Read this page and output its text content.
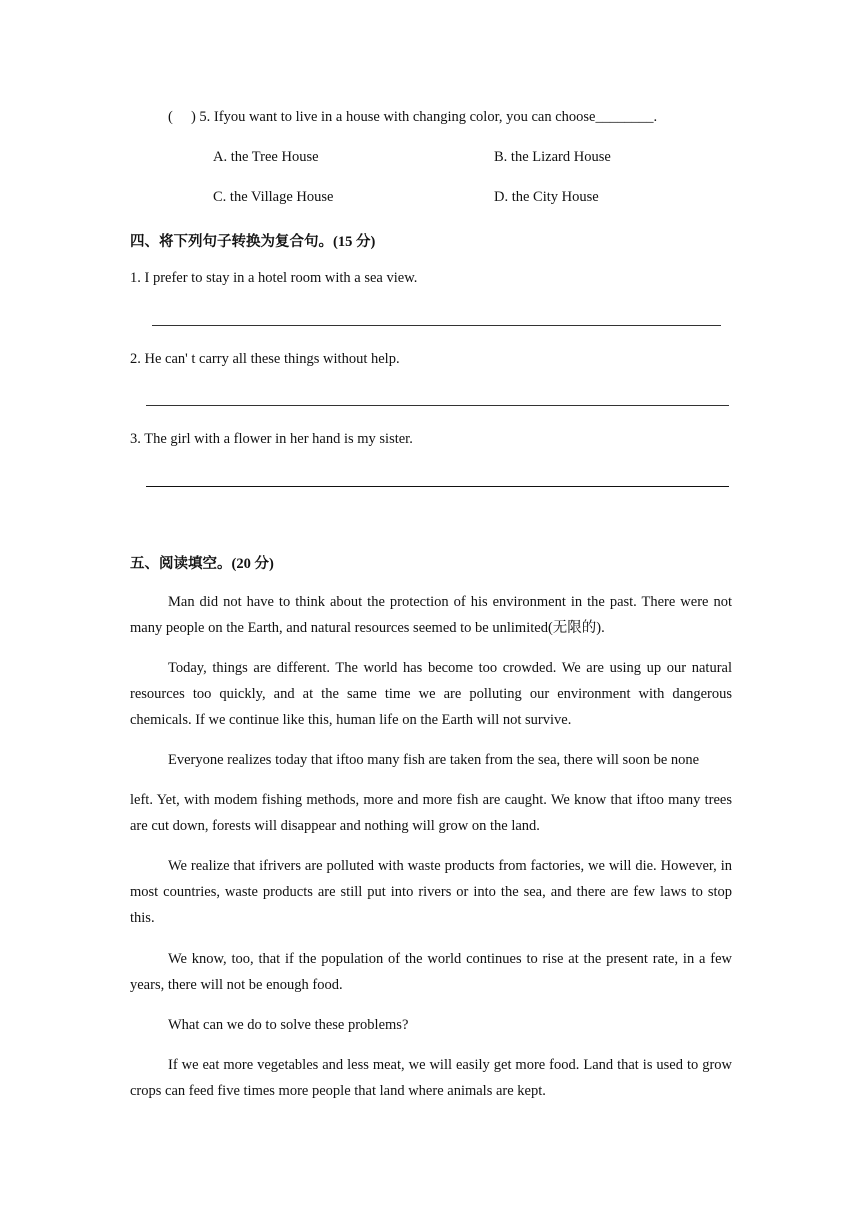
(     ) 5. Ifyou want to live in a house with changing color, you can choose________.
A. the Tree House	B. the Lizard House
C. the Village House	D. the City House
四、将下列句子转换为复合句。(15 分)
1. I prefer to stay in a hotel room with a sea view.
2. He can' t carry all these things without help.
3. The girl with a flower in her hand is my sister.
五、阅读填空。(20 分)
Man did not have to think about the protection of his environment in the past. There were not many people on the Earth, and natural resources seemed to be unlimited(无限的).
Today, things are different. The world has become too crowded. We are using up our natural resources too quickly, and at the same time we are polluting our environment with dangerous chemicals. If we continue like this, human life on the Earth will not survive.
Everyone realizes today that iftoo many fish are taken from the sea, there will soon be none
left. Yet, with modem fishing methods, more and more fish are caught. We know that iftoo many trees are cut down, forests will disappear and nothing will grow on the land.
We realize that ifrivers are polluted with waste products from factories, we will die. However, in most countries, waste products are still put into rivers or into the sea, and there are few laws to stop this.
We know, too, that if the population of the world continues to rise at the present rate, in a few years, there will not be enough food.
What can we do to solve these problems?
If we eat more vegetables and less meat, we will easily get more food. Land that is used to grow crops can feed five times more people that land where animals are kept.
